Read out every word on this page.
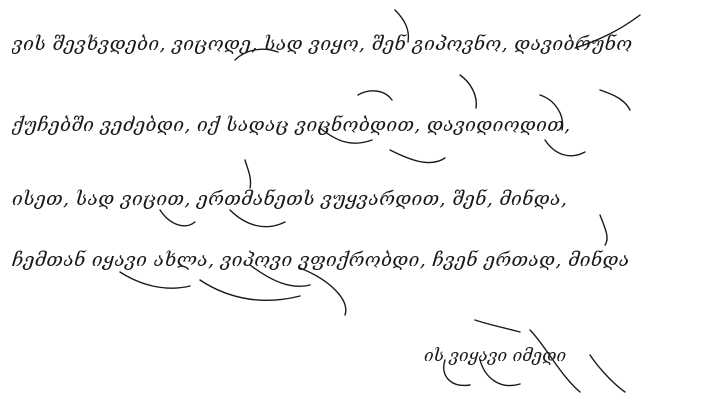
ვის შევხვდები, ვიცოდე, სად ვიყო, შენ გიპოვნო, დავიბრუნო
ქუჩებში ვეძებდი, იქ სადაც ვიცნობდით, დავიდიოდით,
ისეთ, სად ვიცით, ერთმანეთს ვუყვარდით, შენ, მინდა,
ჩემთან იყავი ახლა, ვიპოვი ვფიქრობდი, ჩვენ ერთად, მინდა
ის ვიყავი იმედი
